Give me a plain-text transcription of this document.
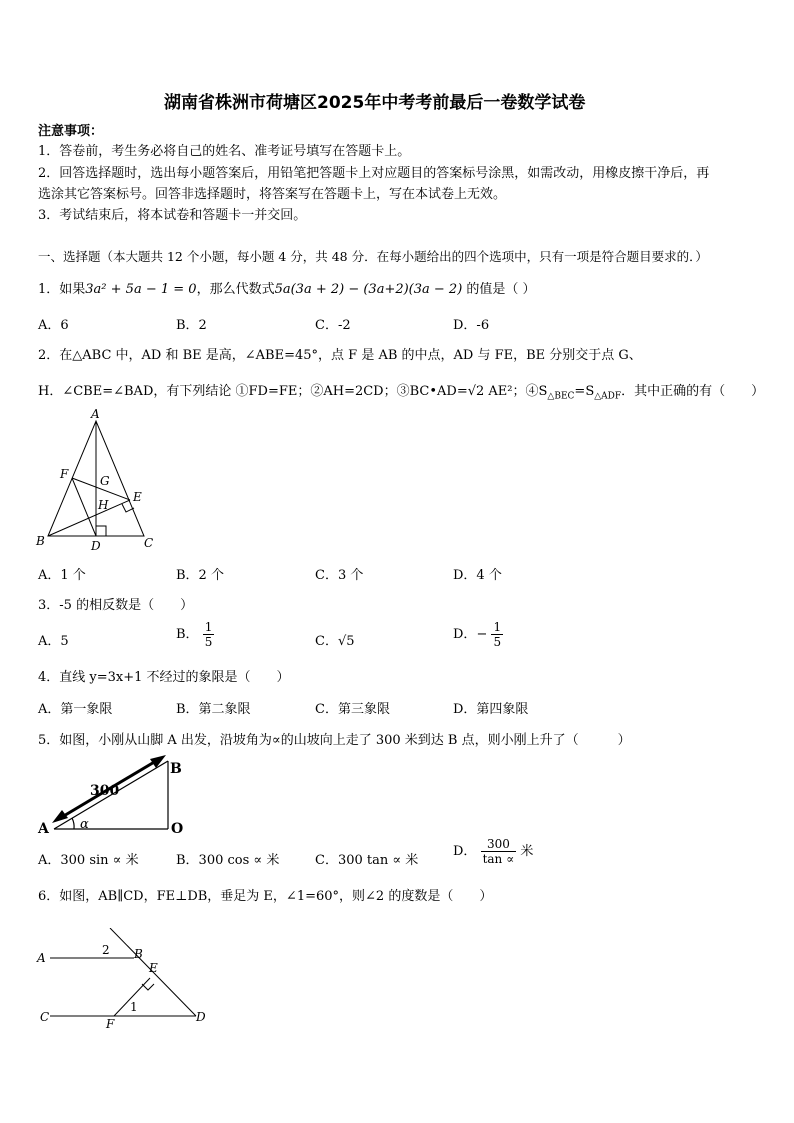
湖南省株洲市荷塘区2025年中考考前最后一卷数学试卷
注意事项：
1．答卷前，考生务必将自己的姓名、准考证号填写在答题卡上。
2．回答选择题时，选出每小题答案后，用铅笔把答题卡上对应题目的答案标号涂黑，如需改动，用橡皮擦干净后，再
选涂其它答案标号。回答非选择题时，将答案写在答题卡上，写在本试卷上无效。
3．考试结束后，将本试卷和答题卡一并交回。
一、选择题（本大题共 12 个小题，每小题 4 分，共 48 分．在每小题给出的四个选项中，只有一项是符合题目要求的．）
1．如果3a² + 5a − 1 = 0，那么代数式5a(3a + 2) − (3a+2)(3a − 2) 的值是（ ）
A．6	B．2	C．-2	D．-6
2．在△ABC 中，AD 和 BE 是高，∠ABE=45°，点 F 是 AB 的中点，AD 与 FE，BE 分别交于点 G、
H．∠CBE=∠BAD，有下列结论 ①FD=FE；②AH=2CD；③BC•AD=√2 AE²；$④S_{\triangle BEC}=S_{\triangle ADF}$．其中正确的有（　　）
A
F	G
E
H
B	D	C
A．1 个	B．2 个	C．3 个	D．4 个
3．-5 的相反数是（　　）
A．5	B． $\frac{1}{5}$	C．√5	D．− $\frac{1}{5}$
4．直线 y=3x+1 不经过的象限是（　　）
A．第一象限	B．第二象限	C．第三象限	D．第四象限
5．如图，小刚从山脚 A 出发，沿坡角为∝的山坡向上走了 300 米到达 B 点，则小刚上升了（　　　）
A
B
O
300
α
A．300 sin ∝ 米	B．300 cos ∝ 米	C．300 tan ∝ 米
D． $\frac{300}{\tan \propto}$ 米
6．如图，AB∥CD，FE⊥DB，垂足为 E，∠1=60°，则∠2 的度数是（　　）
A
2 B
E
1
C	F	D
